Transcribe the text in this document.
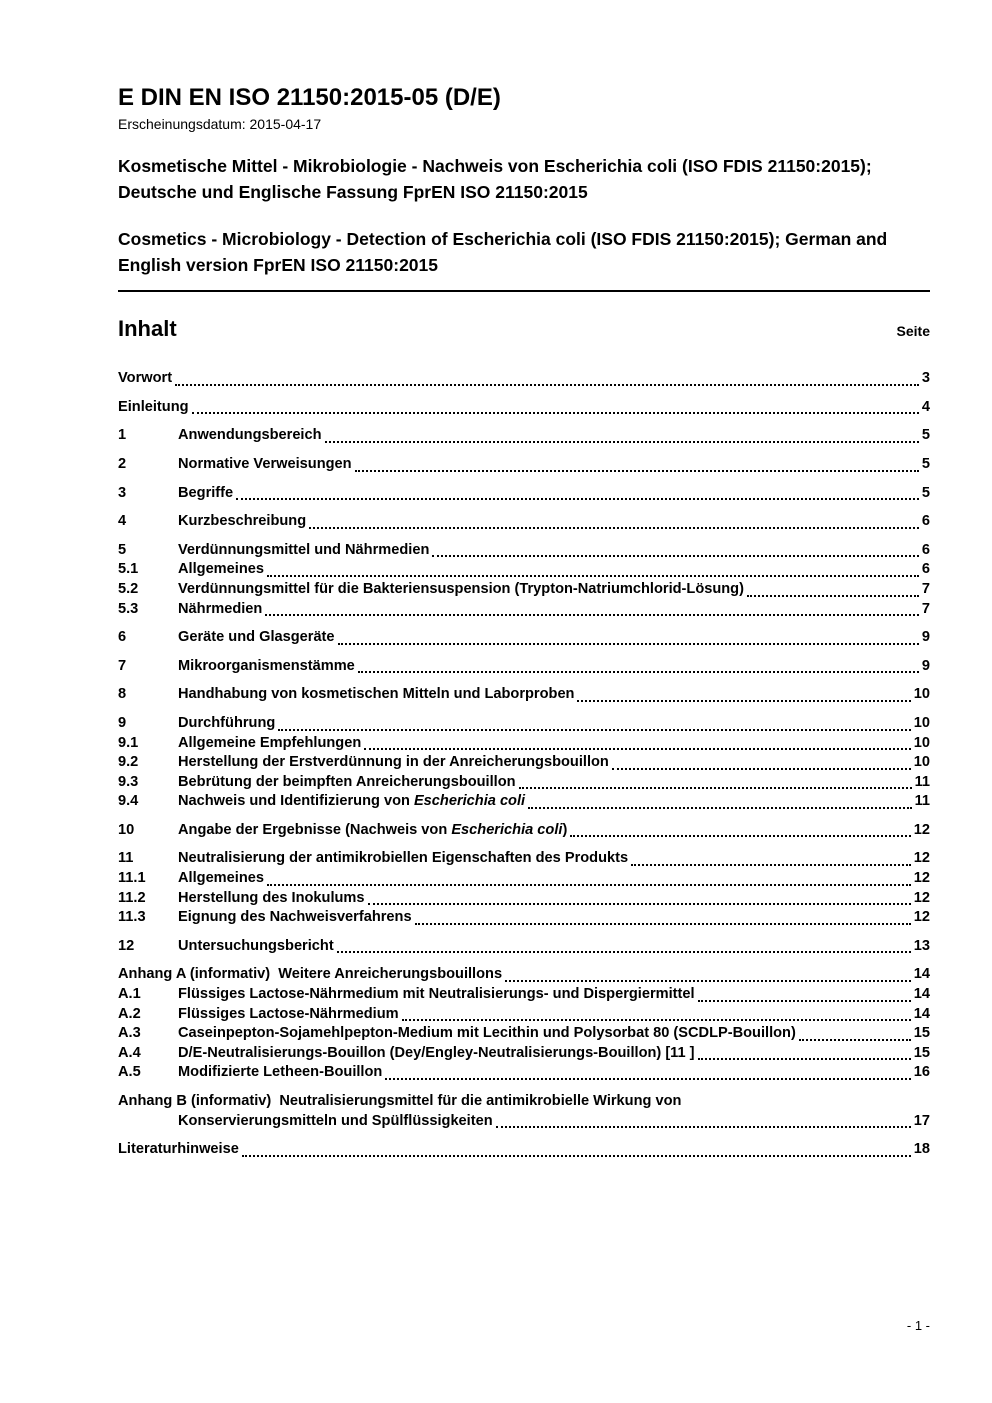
E DIN EN ISO 21150:2015-05 (D/E)
Erscheinungsdatum: 2015-04-17
Kosmetische Mittel - Mikrobiologie - Nachweis von Escherichia coli (ISO FDIS 21150:2015); Deutsche und Englische Fassung FprEN ISO 21150:2015
Cosmetics - Microbiology - Detection of Escherichia coli (ISO FDIS 21150:2015); German and English version FprEN ISO 21150:2015
Inhalt	Seite
Vorwort	3
Einleitung	4
1	Anwendungsbereich	5
2	Normative Verweisungen	5
3	Begriffe	5
4	Kurzbeschreibung	6
5	Verdünnungsmittel und Nährmedien	6
5.1	Allgemeines	6
5.2	Verdünnungsmittel für die Bakteriensuspension (Trypton-Natriumchlorid-Lösung)	7
5.3	Nährmedien	7
6	Geräte und Glasgeräte	9
7	Mikroorganismenstämme	9
8	Handhabung von kosmetischen Mitteln und Laborproben	10
9	Durchführung	10
9.1	Allgemeine Empfehlungen	10
9.2	Herstellung der Erstverdünnung in der Anreicherungsbouillon	10
9.3	Bebrütung der beimpften Anreicherungsbouillon	11
9.4	Nachweis und Identifizierung von Escherichia coli	11
10	Angabe der Ergebnisse (Nachweis von Escherichia coli)	12
11	Neutralisierung der antimikrobiellen Eigenschaften des Produkts	12
11.1	Allgemeines	12
11.2	Herstellung des Inokulums	12
11.3	Eignung des Nachweisverfahrens	12
12	Untersuchungsbericht	13
Anhang A (informativ)  Weitere Anreicherungsbouillons	14
A.1	Flüssiges Lactose-Nährmedium mit Neutralisierungs- und Dispergiermittel	14
A.2	Flüssiges Lactose-Nährmedium	14
A.3	Caseinpepton-Sojamehlpepton-Medium mit Lecithin und Polysorbat 80 (SCDLP-Bouillon)	15
A.4	D/E-Neutralisierungs-Bouillon (Dey/Engley-Neutralisierungs-Bouillon) [11 ]	15
A.5	Modifizierte Letheen-Bouillon	16
Anhang B (informativ)  Neutralisierungsmittel für die antimikrobielle Wirkung von
Konservierungsmitteln und Spülflüssigkeiten	17
Literaturhinweise	18
- 1 -
